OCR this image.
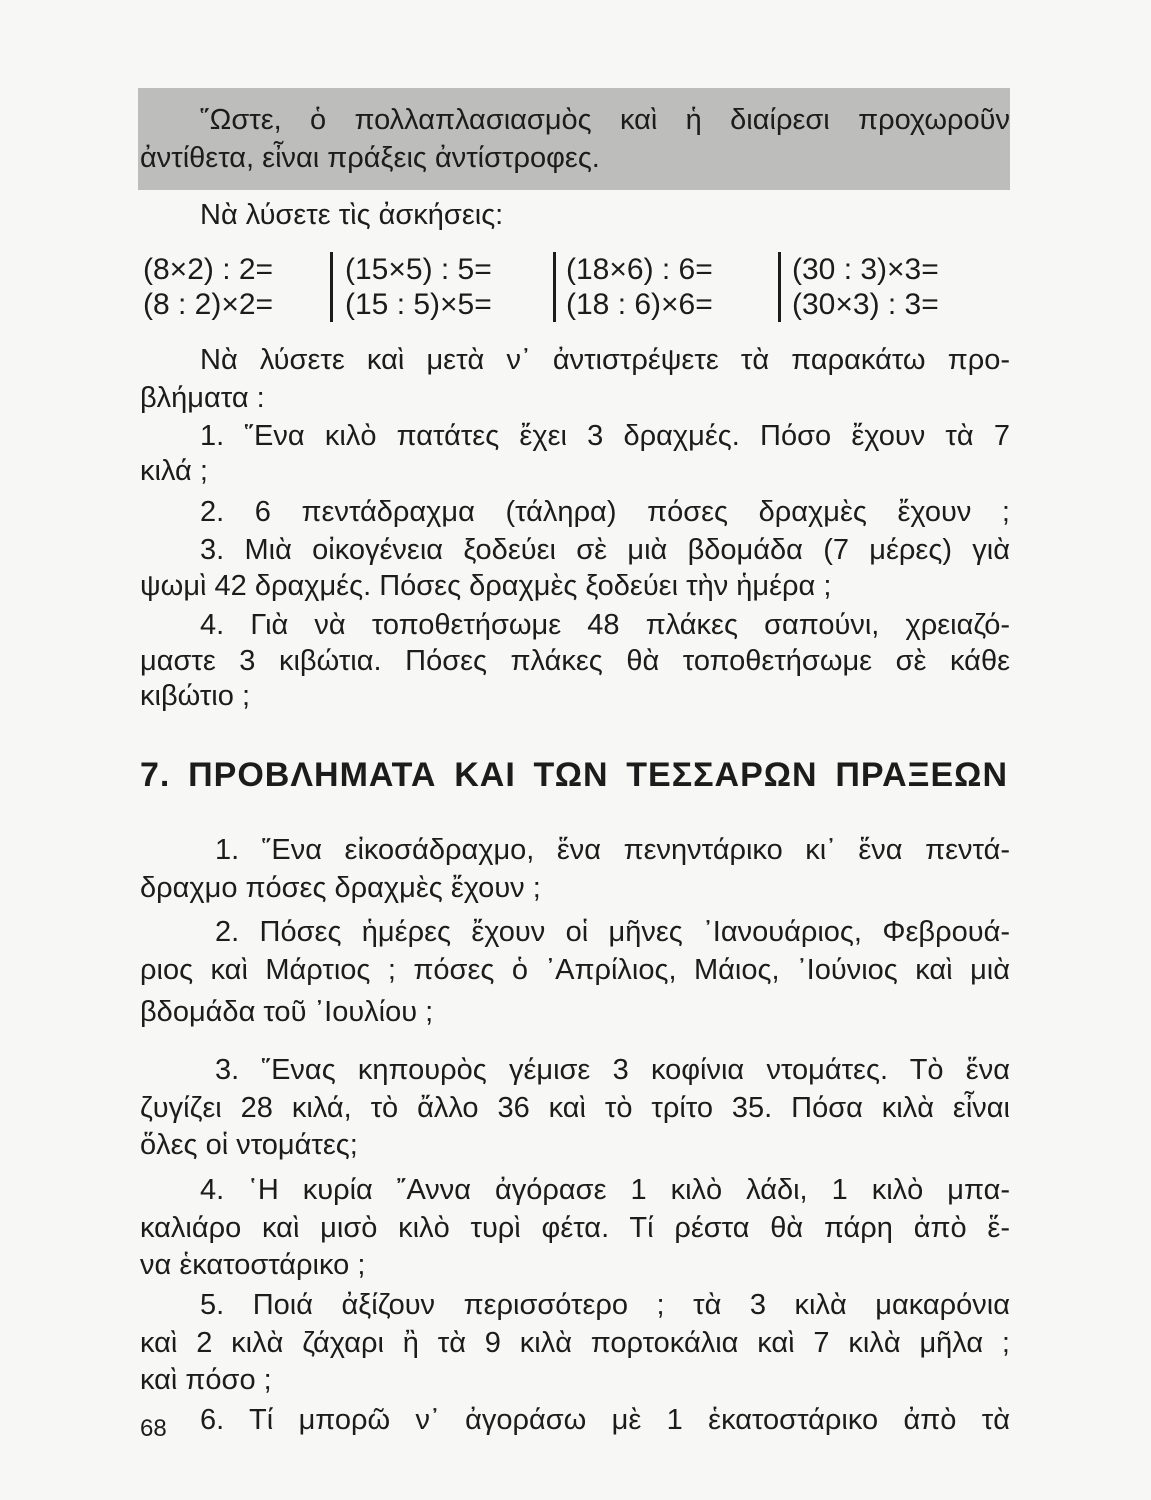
῞Ωστε, ὁ πολλαπλασιασμὸς καὶ ἡ διαίρεσι προχωροῦν
ἀντίθετα, εἶναι πράξεις ἀντίστροφες.
Νὰ λύσετε τὶς ἀσκήσεις:
(8×2) : 2=
(8 : 2)×2=
(15×5) : 5=
(15 : 5)×5=
(18×6) : 6=
(18 : 6)×6=
(30 : 3)×3=
(30×3) : 3=
Νὰ λύσετε καὶ μετὰ ν᾽ ἀντιστρέψετε τὰ παρακάτω προ-
βλήματα :
1. ῞Ενα κιλὸ πατάτες ἔχει 3 δραχμές. Πόσο ἔχουν τὰ 7
κιλά ;
2. 6 πεντάδραχμα (τάληρα) πόσες δραχμὲς ἔχουν ;
3. Μιὰ οἰκογένεια ξοδεύει σὲ μιὰ βδομάδα (7 μέρες) γιὰ
ψωμὶ 42 δραχμές. Πόσες δραχμὲς ξοδεύει τὴν ἡμέρα ;
4. Γιὰ νὰ τοποθετήσωμε 48 πλάκες σαπούνι, χρειαζό-
μαστε 3 κιβώτια. Πόσες πλάκες θὰ τοποθετήσωμε σὲ κάθε
κιβώτιο ;
7. ΠΡΟΒΛΗΜΑΤΑ ΚΑΙ ΤΩΝ ΤΕΣΣΑΡΩΝ ΠΡΑΞΕΩΝ
1. ῞Ενα εἰκοσάδραχμο, ἕνα πενηντάρικο κι᾽ ἕνα πεντά-
δραχμο πόσες δραχμὲς ἔχουν ;
2. Πόσες ἡμέρες ἔχουν οἱ μῆνες ᾽Ιανουάριος, Φεβρουά-
ριος καὶ Μάρτιος ; πόσες ὁ ᾽Απρίλιος, Μάιος, ᾽Ιούνιος καὶ μιὰ
βδομάδα τοῦ ᾽Ιουλίου ;
3. ῞Ενας κηπουρὸς γέμισε 3 κοφίνια ντομάτες. Τὸ ἕνα
ζυγίζει 28 κιλά, τὸ ἄλλο 36 καὶ τὸ τρίτο 35. Πόσα κιλὰ εἶναι
ὅλες οἱ ντομάτες;
4. ῾Η κυρία ῎Αννα ἀγόρασε 1 κιλὸ λάδι, 1 κιλὸ μπα-
καλιάρο καὶ μισὸ κιλὸ τυρὶ φέτα. Τί ρέστα θὰ πάρη ἀπὸ ἕ-
να ἑκατοστάρικο ;
5. Ποιά ἀξίζουν περισσότερο ; τὰ 3 κιλὰ μακαρόνια
καὶ 2 κιλὰ ζάχαρι ἢ τὰ 9 κιλὰ πορτοκάλια καὶ 7 κιλὰ μῆλα ;
καὶ πόσο ;
6. Τί μπορῶ ν᾽ ἀγοράσω μὲ 1 ἑκατοστάρικο ἀπὸ τὰ
68
